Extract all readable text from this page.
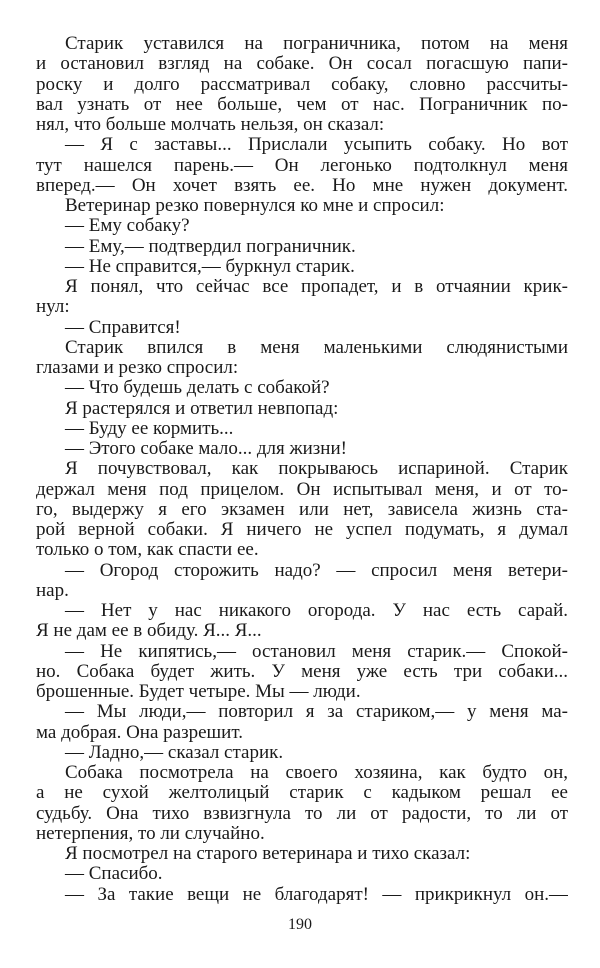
Старик уставился на пограничника, потом на меня
и остановил взгляд на собаке. Он сосал погасшую папи-
роску и долго рассматривал собаку, словно рассчиты-
вал узнать от нее больше, чем от нас. Пограничник по-
нял, что больше молчать нельзя, он сказал:
— Я с заставы... Прислали усыпить собаку. Но вот
тут нашелся парень.— Он легонько подтолкнул меня
вперед.— Он хочет взять ее. Но мне нужен документ.
Ветеринар резко повернулся ко мне и спросил:
— Ему собаку?
— Ему,— подтвердил пограничник.
— Не справится,— буркнул старик.
Я понял, что сейчас все пропадет, и в отчаянии крик-
нул:
— Справится!
Старик впился в меня маленькими слюдянистыми
глазами и резко спросил:
— Что будешь делать с собакой?
Я растерялся и ответил невпопад:
— Буду ее кормить...
— Этого собаке мало... для жизни!
Я почувствовал, как покрываюсь испариной. Старик
держал меня под прицелом. Он испытывал меня, и от то-
го, выдержу я его экзамен или нет, зависела жизнь ста-
рой верной собаки. Я ничего не успел подумать, я думал
только о том, как спасти ее.
— Огород сторожить надо? — спросил меня ветери-
нар.
— Нет у нас никакого огорода. У нас есть сарай.
Я не дам ее в обиду. Я... Я...
— Не кипятись,— остановил меня старик.— Спокой-
но. Собака будет жить. У меня уже есть три собаки...
брошенные. Будет четыре. Мы — люди.
— Мы люди,— повторил я за стариком,— у меня ма-
ма добрая. Она разрешит.
— Ладно,— сказал старик.
Собака посмотрела на своего хозяина, как будто он,
а не сухой желтолицый старик с кадыком решал ее
судьбу. Она тихо взвизгнула то ли от радости, то ли от
нетерпения, то ли случайно.
Я посмотрел на старого ветеринара и тихо сказал:
— Спасибо.
— За такие вещи не благодарят! — прикрикнул он.—
190
